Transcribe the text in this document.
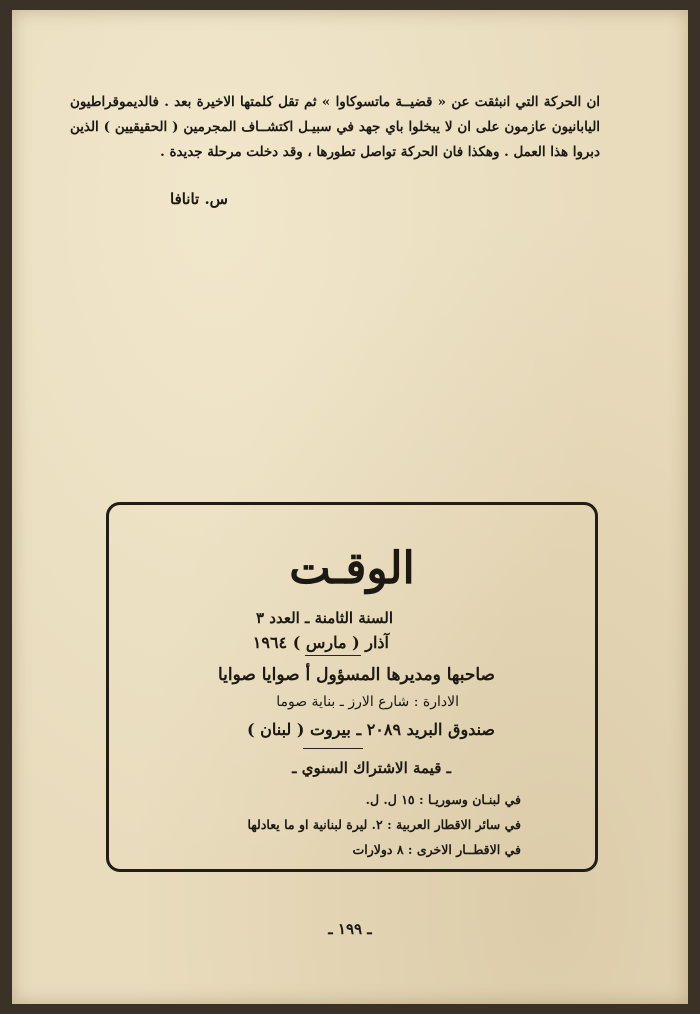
ان الحركة التي انبثقت عن « قضيــة ماتسوكاوا » ثم تقل كلمتها الاخيرة بعد . فالديموقراطيون اليابانيون عازمون على ان لا يبخلوا باي جهد في سبيـل اكتشــاف المجرمين ( الحقيقيين ) الذين دبروا هذا العمل . وهكذا فان الحركة تواصل تطورها ، وقد دخلت مرحلة جديدة .

س. تانافا

الوقـت
السنة الثامنة ـ العدد ٣
آذار ( مارس ) ١٩٦٤
صاحبها ومديرها المسؤول أ صوايا صوايا
الادارة : شارع الارز ـ بناية صوما
صندوق البريد ٢٠٨٩ ـ بيروت ( لبنان )
ـ قيمة الاشتراك السنوي ـ
في لبنـان وسوريـا : ١٥ ل. ل.
في سائر الاقطار العربية : ٢. ليرة لبنانية او ما يعادلها
في الاقطــار الاخرى : ٨ دولارات
ـ ١٩٩ ـ
